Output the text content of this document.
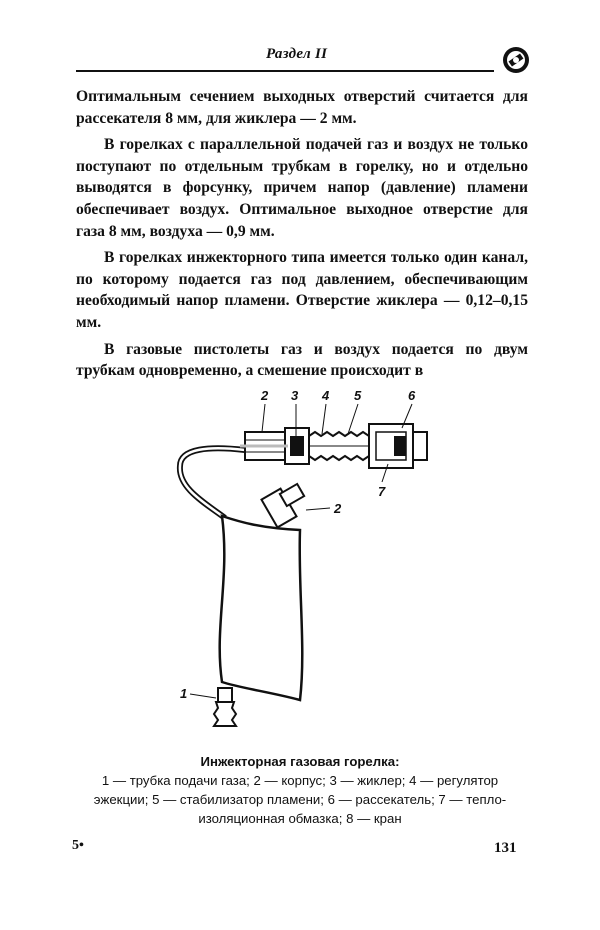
Раздел II

Оптимальным сечением выходных отверстий считается для рассекателя 8 мм, для жиклера — 2 мм.

В горелках с параллельной подачей газ и воздух не только поступают по отдельным трубкам в горелку, но и отдельно выводятся в форсунку, причем напор (давление) пламени обеспечивает воздух. Оптимальное выходное отверстие для газа 8 мм, воздуха — 0,9 мм.

В горелках инжекторного типа имеется только один канал, по которому подается газ под давлением, обеспечивающим необходимый напор пламени. Отверстие жиклера — 0,12–0,15 мм.

В газовые пистолеты газ и воздух подается по двум трубкам одновременно, а смешение происходит в

2 3 4 5	6
7
2
1
Инжекторная газовая горелка:
1 — трубка подачи газа; 2 — корпус; 3 — жиклер; 4 — регулятор
эжекции; 5 — стабилизатор пламени; 6 — рассекатель; 7 — тепло-
изоляционная обмазка; 8 — кран
5•	131
